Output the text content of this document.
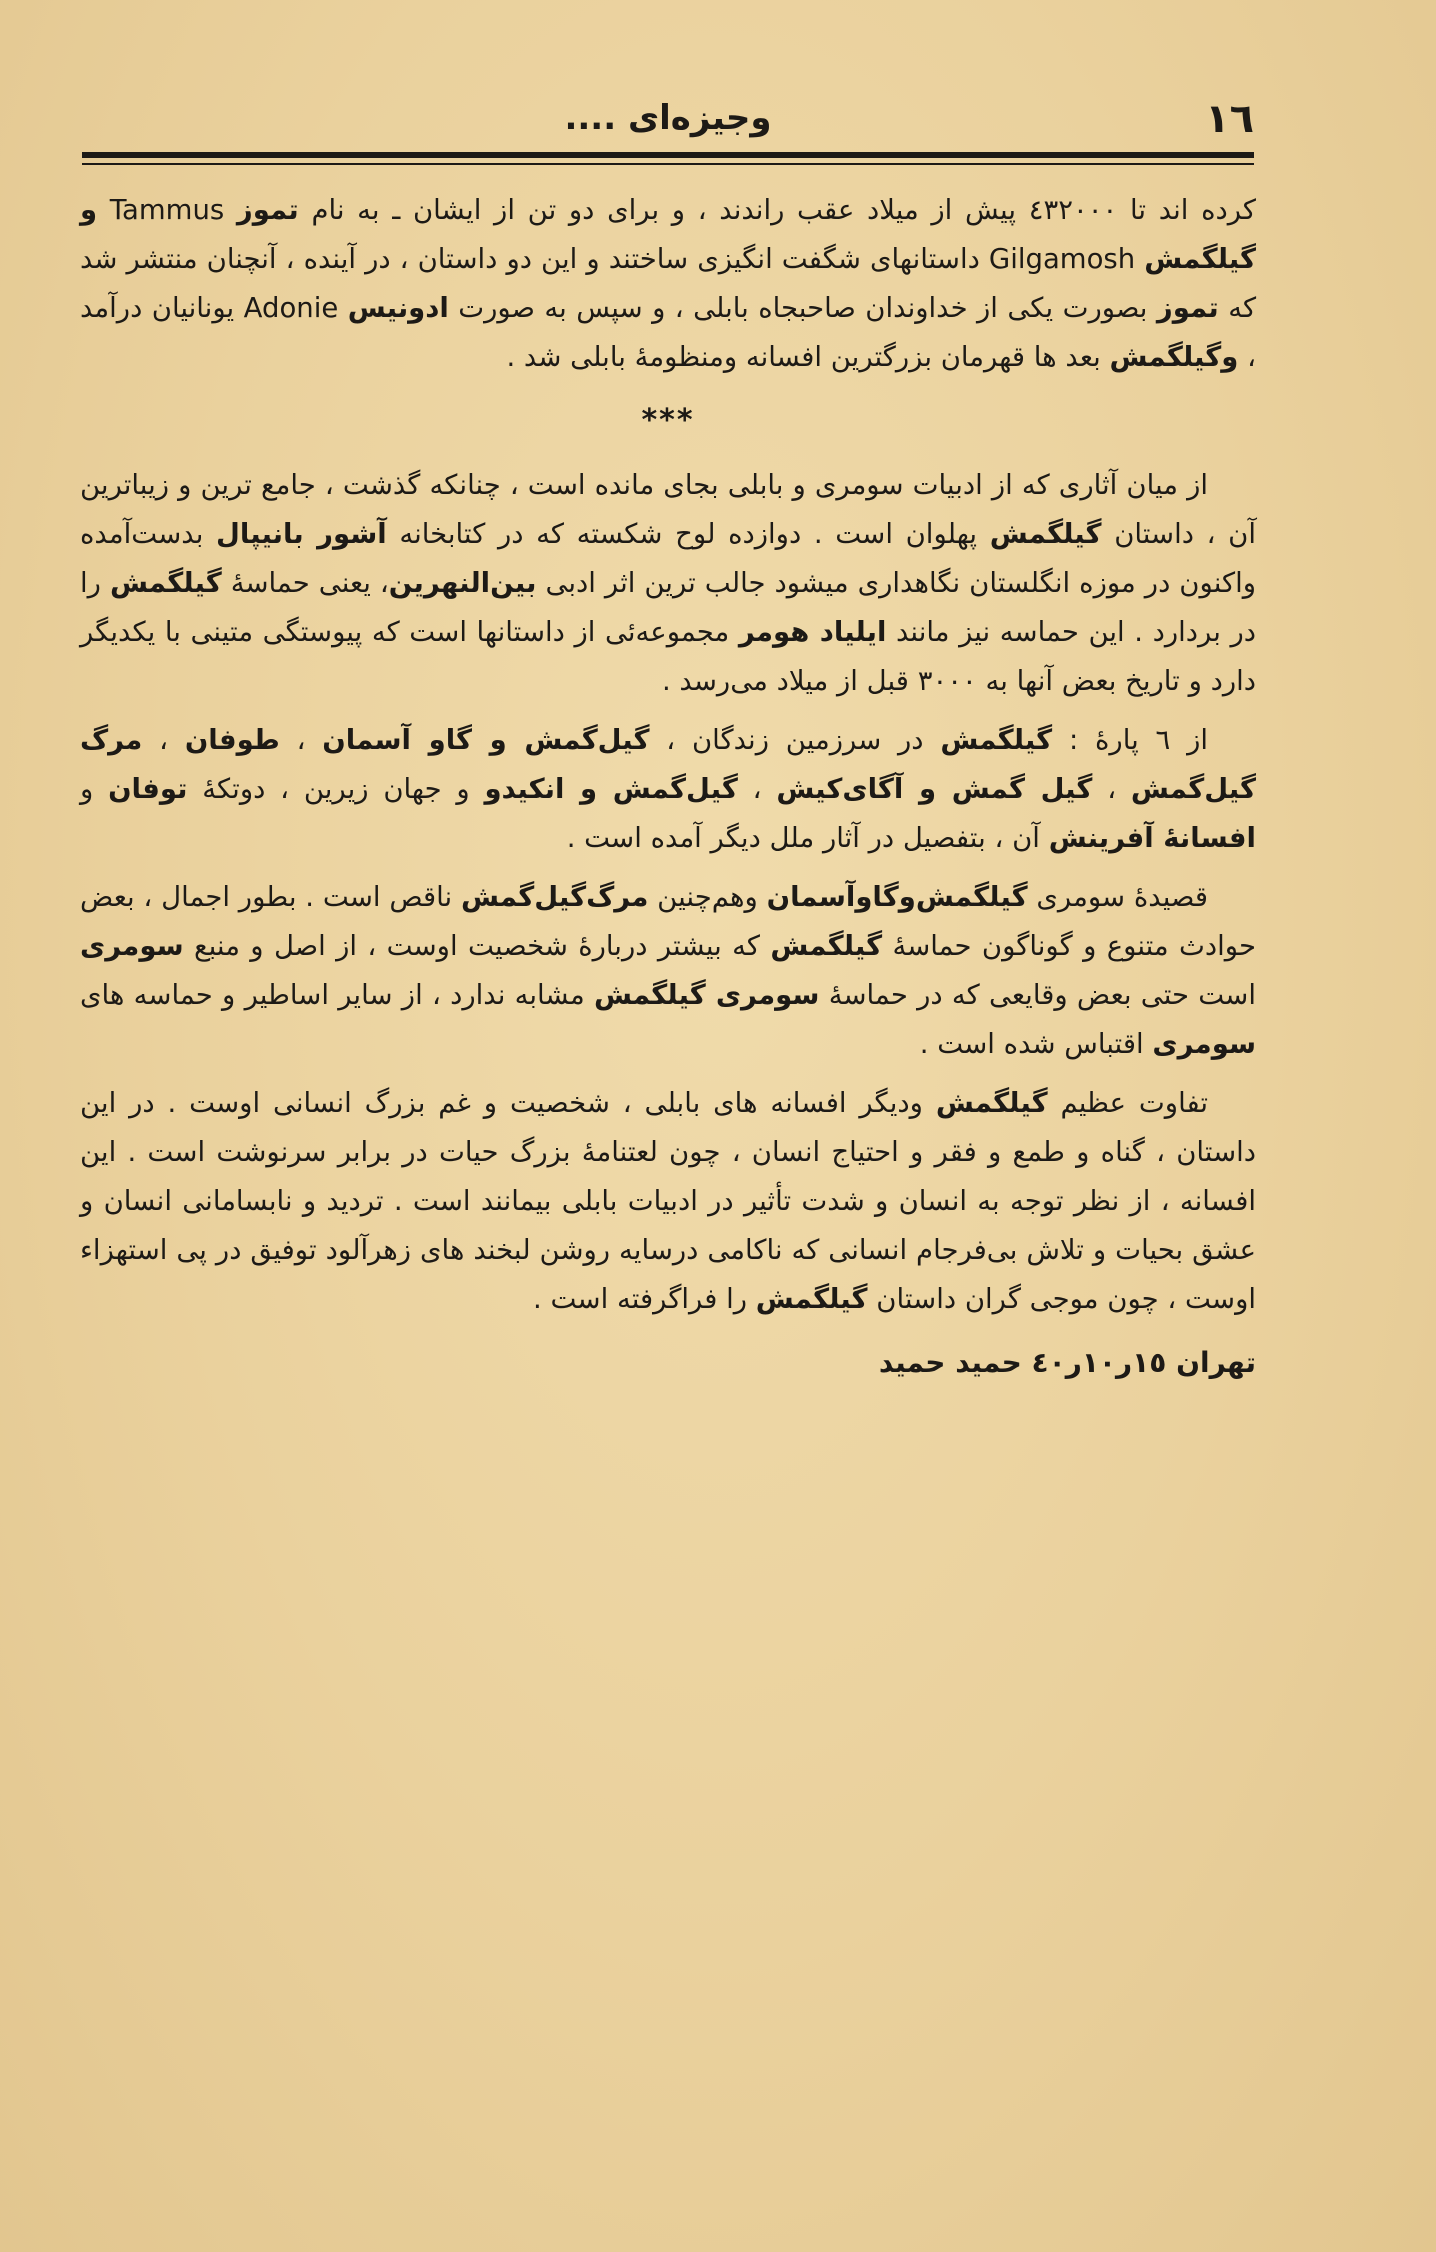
١٦
وجيزه‌ای ....

کرده اند تا ٤٣٢٠٠٠ پیش از میلاد عقب راندند ، و برای دو تن از ایشان ـ به نام تموز Tammus و گیلگمش Gilgamosh داستانهای شگفت انگیزی ساختند و این دو داستان ، در آینده ، آنچنان منتشر شد که تموز بصورت یکی از خداوندان صاحبجاه بابلی ، و سپس به صورت ادونیس Adonie یونانیان درآمد ، وگیلگمش بعد ها قهرمان بزرگترین افسانه ومنظومهٔ بابلی شد .

***

از میان آثاری که از ادبیات سومری و بابلی بجای مانده است ، چنانکه گذشت ، جامع ترین و زیباترین آن ، داستان گیلگمش پهلوان است . دوازده لوح شکسته که در کتابخانه آشور بانیپال بدست‌آمده واکنون در موزه انگلستان نگاهداری میشود جالب ترین اثر ادبی بین‌النهرین، یعنی حماسهٔ گیلگمش را در بردارد . این حماسه نیز مانند ایلیاد هومر مجموعه‌ئی از داستانها است که پیوستگی متینی با یکدیگر دارد و تاریخ بعض آنها به ٣٠٠٠ قبل از میلاد می‌رسد .

از ٦ پارهٔ : گیلگمش در سرزمین زندگان ، گیل‌گمش و گاو آسمان ، طوفان ، مرگ گیل‌گمش ، گیل گمش و آگای‌کیش ، گیل‌گمش و انکیدو و جهان زیرین ، دوتکهٔ توفان و افسانهٔ آفرینش آن ، بتفصیل در آثار ملل دیگر آمده است .

قصیدهٔ سومری گیلگمش‌وگاوآسمان وهم‌چنین مرگ‌گیل‌گمش ناقص است . بطور اجمال ، بعض حوادث متنوع و گوناگون حماسهٔ گیلگمش که بیشتر دربارهٔ شخصیت اوست ، از اصل و منبع سومری است حتی بعض وقایعی که در حماسهٔ سومری گیلگمش مشابه ندارد ، از سایر اساطیر و حماسه های سومری اقتباس شده است .

تفاوت عظیم گیلگمش ودیگر افسانه های بابلی ، شخصیت و غم بزرگ انسانی اوست . در این داستان ، گناه و طمع و فقر و احتیاج انسان ، چون لعتنامهٔ بزرگ حیات در برابر سرنوشت است . این افسانه ، از نظر توجه به انسان و شدت تأثیر در ادبیات بابلی بیمانند است . تردید و نابسامانی انسان و عشق بحیات و تلاش بی‌فرجام انسانی که ناکامی درسایه روشن لبخند های زهرآلود توفیق در پی استهزاء اوست ، چون موجی گران داستان گیلگمش را فراگرفته است .

تهران ١٥ر١٠ر٤٠ حمید حمید
